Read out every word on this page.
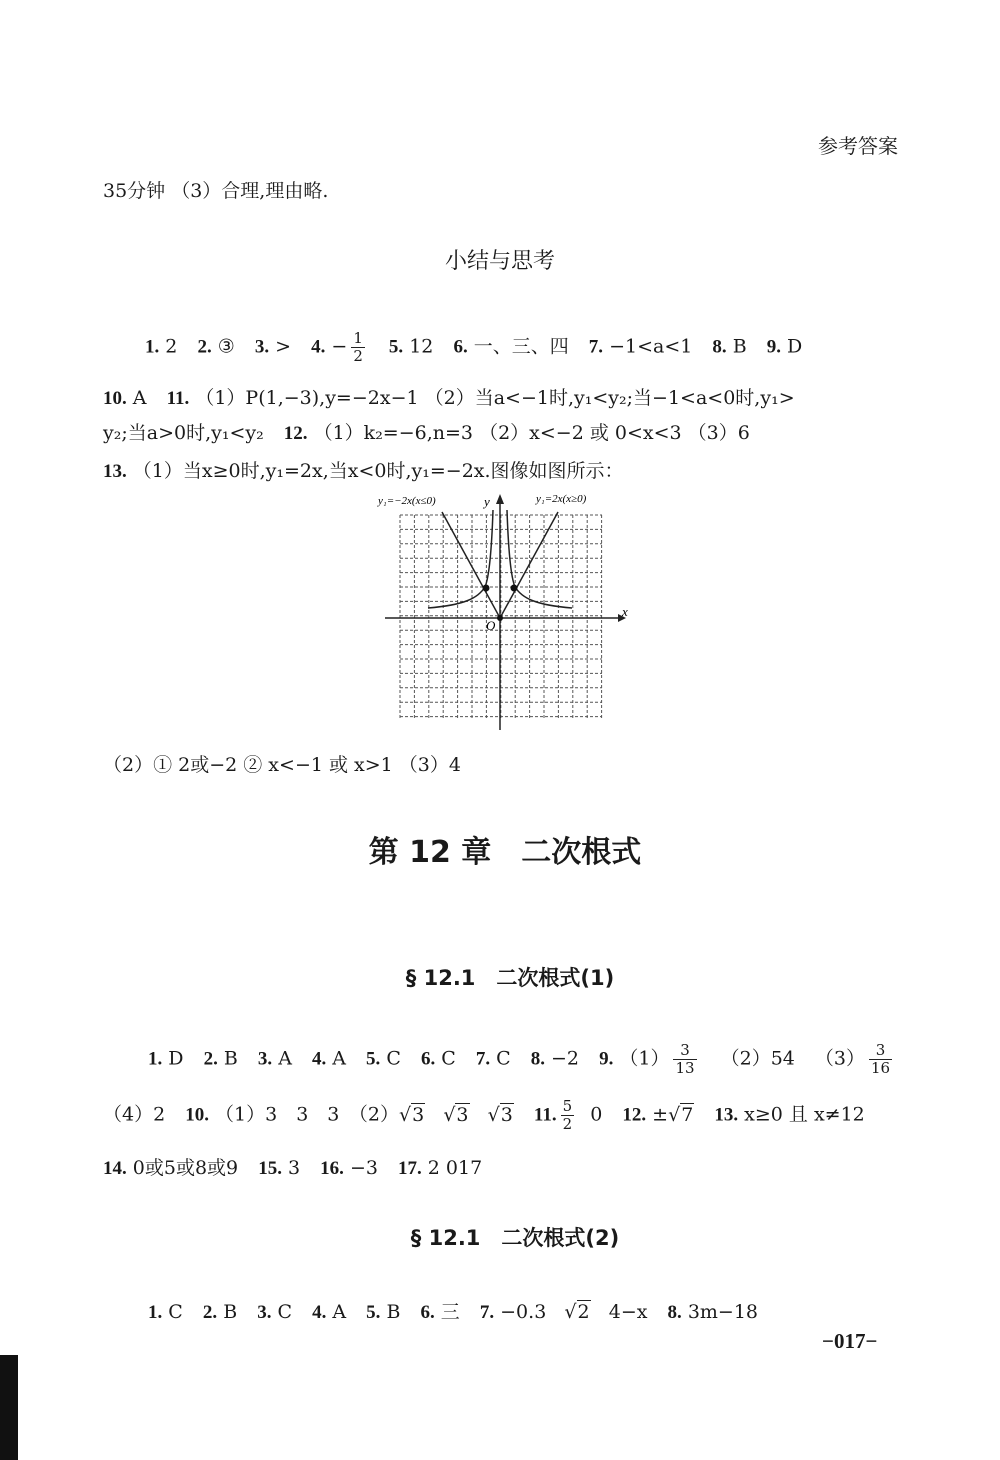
参考答案
35分钟 （3）合理,理由略.
小结与思考
1. 2 2. ③ 3. > 4. − $\frac{1}{2} 5$. 12 6. 一、三、四 7. −1<a<1 8. B 9. D
10. A 11. （1）P(1,−3),y=−2x−1 （2）当a<−1时,y₁<y₂;当−1<a<0时,y₁>
y₂;当a>0时,y₁<y₂ 12. （1）k₂=−6,n=3 （2）x<−2 或 0<x<3 （3）6
13. （1）当x≥0时,y₁=2x,当x<0时,y₁=−2x.图像如图所示：
y₁=−2x(x≤0)	y₁=2x(x≥0)
y
x
O
（2）① 2或−2 ② x<−1 或 x>1 （3）4
第 12 章　二次根式
§ 12.1　二次根式(1)
1. D 2. B 3. A 4. A 5. C 6. C 7. C 8. −2 9. $(1) \frac{3}{13} (2)54$ $(3) \frac{3}{16}$
（4）2 10. （1）3　3　3　（2）√3 √3 √3 11. $\frac{5}{2} 0$ 12. ±√7 13. x≥0 且 x≠12
14. 0或5或8或9 15. 3 16. −3 17. 2 017
§ 12.1　二次根式(2)
1. C 2. B 3. C 4. A 5. B 6. 三 7. −0.3 √2 4−x 8. 3m−18
−017−
